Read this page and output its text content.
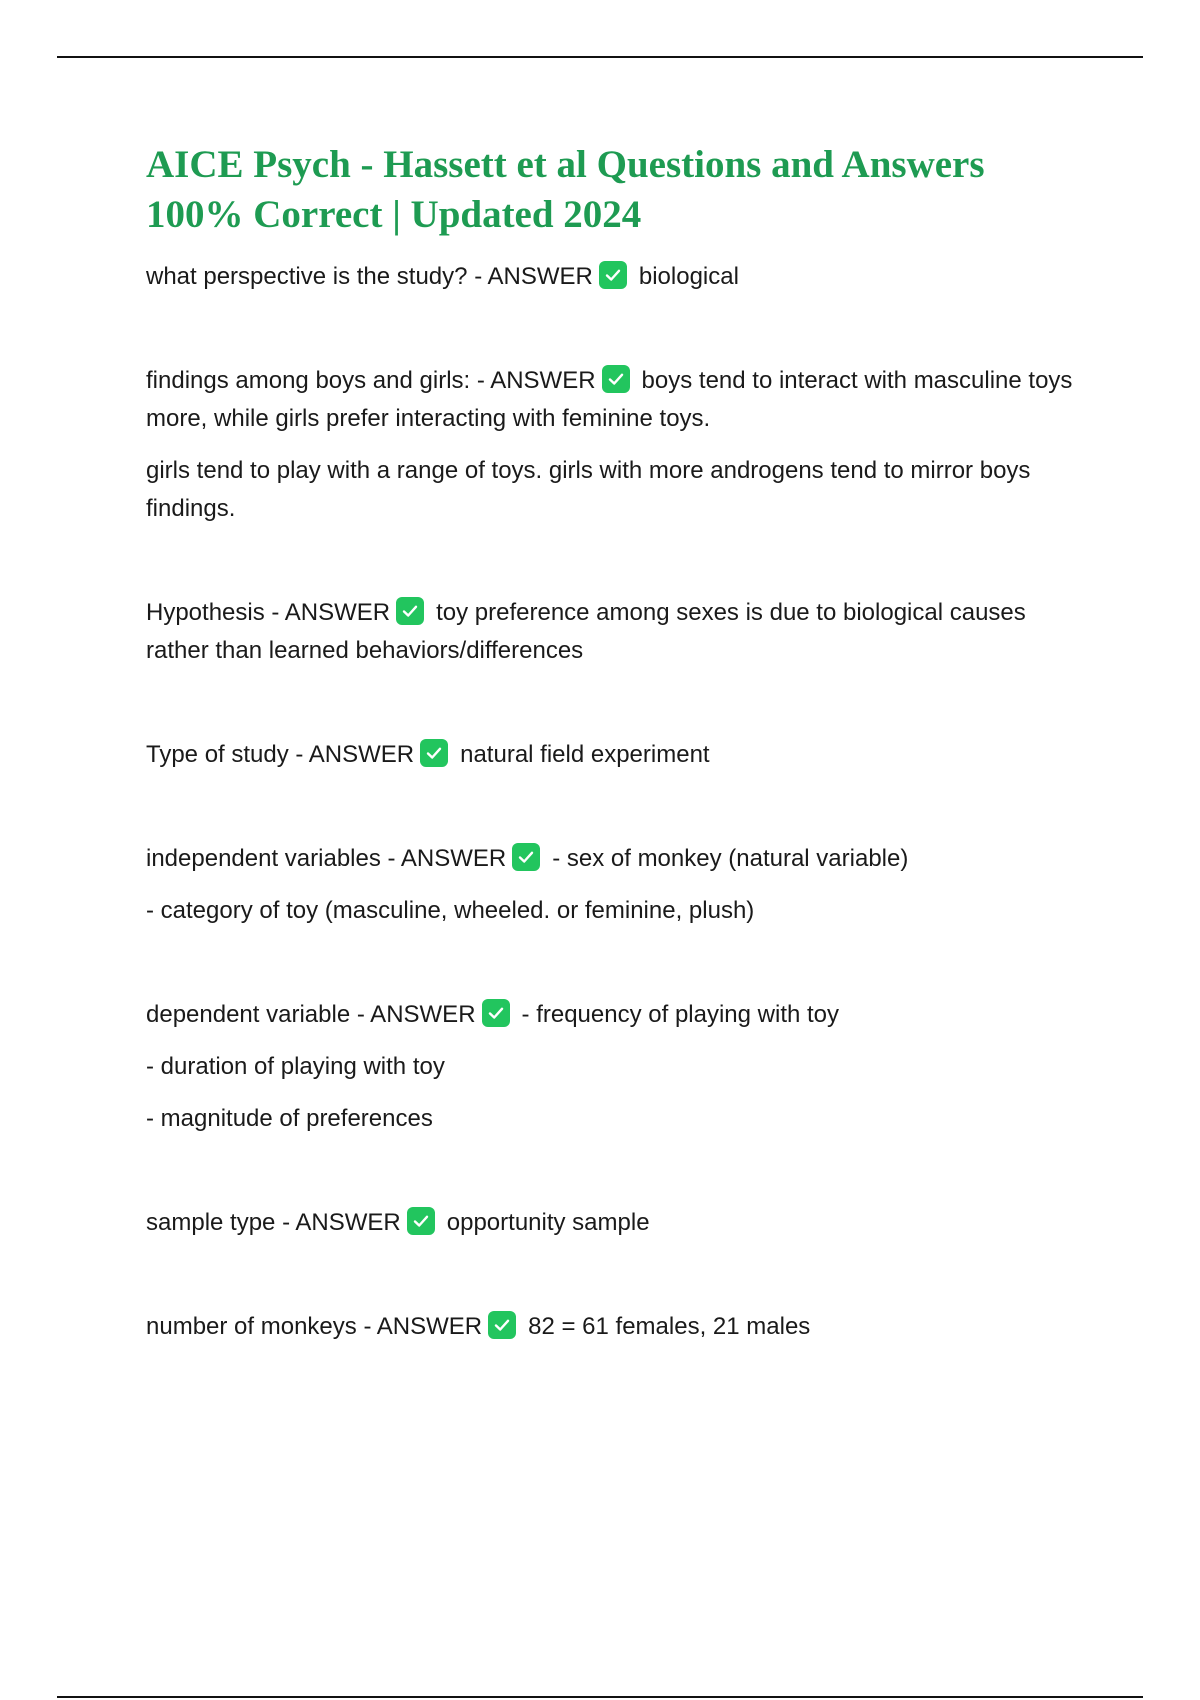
AICE Psych - Hassett et al Questions and Answers
100% Correct | Updated 2024

what perspective is the study? - ANSWER biological

findings among boys and girls: - ANSWER boys tend to interact with masculine toys more, while girls prefer interacting with feminine toys.

girls tend to play with a range of toys. girls with more androgens tend to mirror boys findings.

Hypothesis - ANSWER toy preference among sexes is due to biological causes rather than learned behaviors/differences

Type of study - ANSWER natural field experiment

independent variables - ANSWER - sex of monkey (natural variable)

- category of toy (masculine, wheeled. or feminine, plush)

dependent variable - ANSWER - frequency of playing with toy

- duration of playing with toy

- magnitude of preferences

sample type - ANSWER opportunity sample

number of monkeys - ANSWER 82 = 61 females, 21 males
